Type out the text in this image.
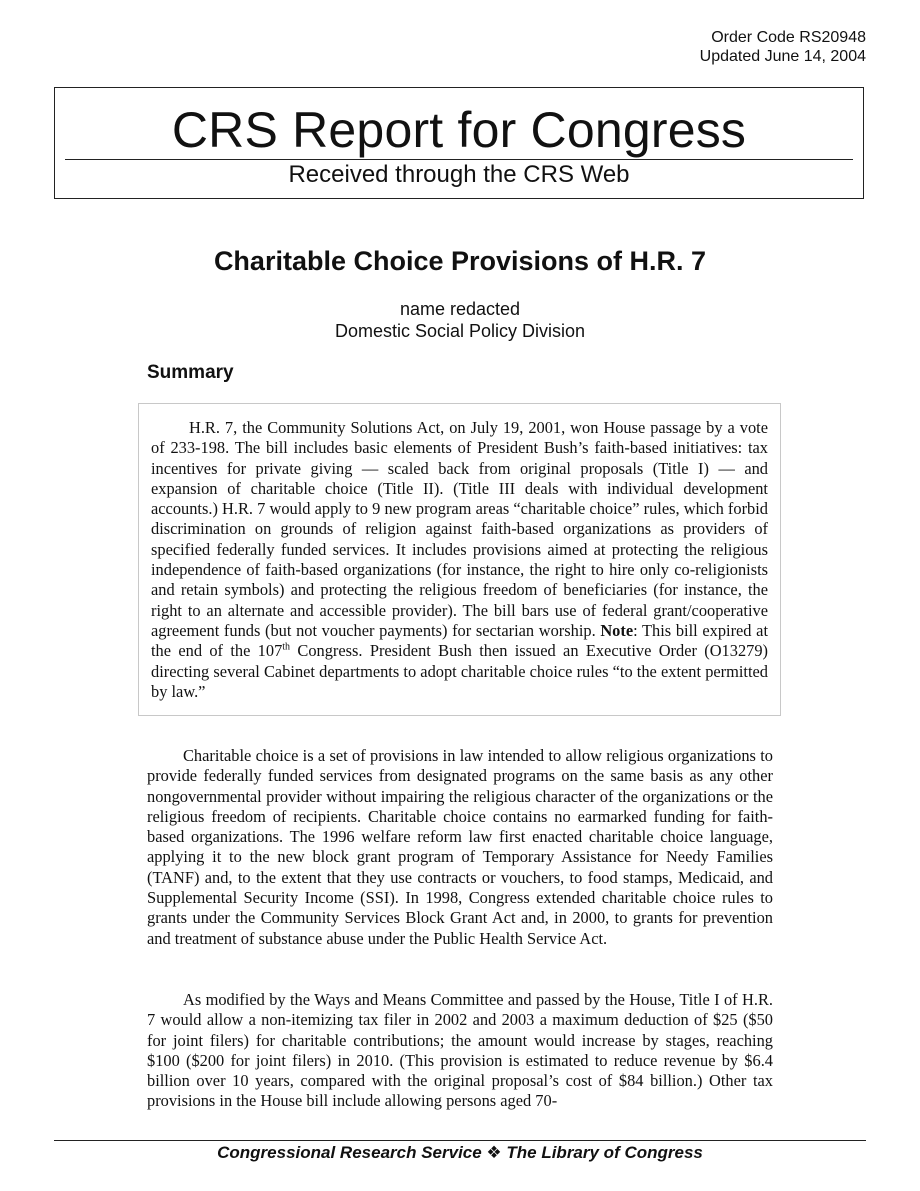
Order Code RS20948
Updated June 14, 2004
CRS Report for Congress
Received through the CRS Web
Charitable Choice Provisions of H.R. 7
name redacted
Domestic Social Policy Division
Summary

H.R. 7, the Community Solutions Act, on July 19, 2001, won House passage by a vote of 233-198. The bill includes basic elements of President Bush’s faith-based initiatives: tax incentives for private giving — scaled back from original proposals (Title I) — and expansion of charitable choice (Title II). (Title III deals with individual development accounts.) H.R. 7 would apply to 9 new program areas “charitable choice” rules, which forbid discrimination on grounds of religion against faith-based organizations as providers of specified federally funded services. It includes provisions aimed at protecting the religious independence of faith-based organizations (for instance, the right to hire only co-religionists and retain symbols) and protecting the religious freedom of beneficiaries (for instance, the right to an alternate and accessible provider). The bill bars use of federal grant/cooperative agreement funds (but not voucher payments) for sectarian worship. Note: This bill expired at the end of the 107th Congress. President Bush then issued an Executive Order (O13279) directing several Cabinet departments to adopt charitable choice rules “to the extent permitted by law.”

Charitable choice is a set of provisions in law intended to allow religious organizations to provide federally funded services from designated programs on the same basis as any other nongovernmental provider without impairing the religious character of the organizations or the religious freedom of recipients. Charitable choice contains no earmarked funding for faith-based organizations. The 1996 welfare reform law first enacted charitable choice language, applying it to the new block grant program of Temporary Assistance for Needy Families (TANF) and, to the extent that they use contracts or vouchers, to food stamps, Medicaid, and Supplemental Security Income (SSI). In 1998, Congress extended charitable choice rules to grants under the Community Services Block Grant Act and, in 2000, to grants for prevention and treatment of substance abuse under the Public Health Service Act.

As modified by the Ways and Means Committee and passed by the House, Title I of H.R. 7 would allow a non-itemizing tax filer in 2002 and 2003 a maximum deduction of $25 ($50 for joint filers) for charitable contributions; the amount would increase by stages, reaching $100 ($200 for joint filers) in 2010. (This provision is estimated to reduce revenue by $6.4 billion over 10 years, compared with the original proposal’s cost of $84 billion.) Other tax provisions in the House bill include allowing persons aged 70-

Congressional Research Service ❖ The Library of Congress
